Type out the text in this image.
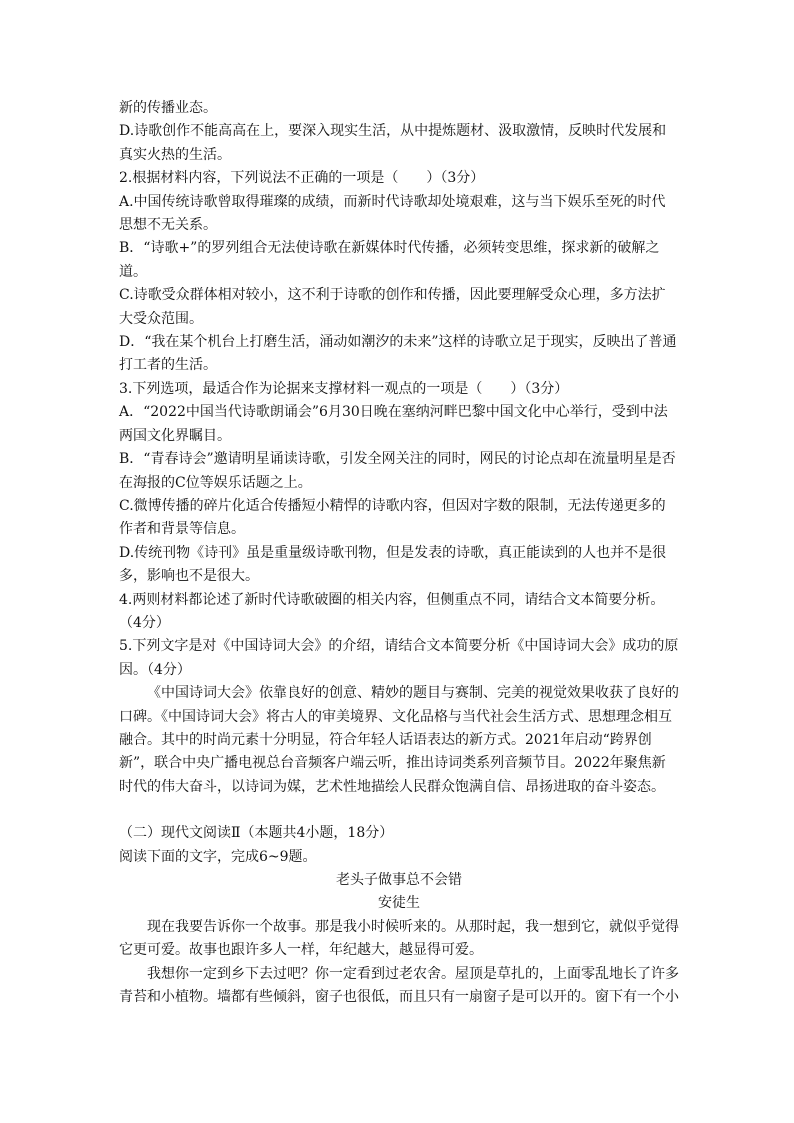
新的传播业态。

D.诗歌创作不能高高在上，要深入现实生活，从中提炼题材、汲取激情，反映时代发展和真实火热的生活。

2.根据材料内容，下列说法不正确的一项是（　　）（3分）

A.中国传统诗歌曾取得璀璨的成绩，而新时代诗歌却处境艰难，这与当下娱乐至死的时代思想不无关系。

B．“诗歌+”的罗列组合无法使诗歌在新媒体时代传播，必须转变思维，探求新的破解之道。

C.诗歌受众群体相对较小，这不利于诗歌的创作和传播，因此要理解受众心理，多方法扩大受众范围。

D．“我在某个机台上打磨生活，涌动如潮汐的未来”这样的诗歌立足于现实，反映出了普通打工者的生活。

3.下列选项，最适合作为论据来支撑材料一观点的一项是（　　）（3分）

A．“2022中国当代诗歌朗诵会”6月30日晚在塞纳河畔巴黎中国文化中心举行，受到中法两国文化界瞩目。

B．“青春诗会”邀请明星诵读诗歌，引发全网关注的同时，网民的讨论点却在流量明星是否在海报的C位等娱乐话题之上。

C.微博传播的碎片化适合传播短小精悍的诗歌内容，但因对字数的限制，无法传递更多的作者和背景等信息。

D.传统刊物《诗刊》虽是重量级诗歌刊物，但是发表的诗歌，真正能读到的人也并不是很多，影响也不是很大。

4.两则材料都论述了新时代诗歌破圈的相关内容，但侧重点不同，请结合文本简要分析。（4分）

5.下列文字是对《中国诗词大会》的介绍，请结合文本简要分析《中国诗词大会》成功的原因。（4分）

《中国诗词大会》依靠良好的创意、精妙的题目与赛制、完美的视觉效果收获了良好的口碑。《中国诗词大会》将古人的审美境界、文化品格与当代社会生活方式、思想理念相互融合。其中的时尚元素十分明显，符合年轻人话语表达的新方式。2021年启动“跨界创新”，联合中央广播电视总台音频客户端云听，推出诗词类系列音频节目。2022年聚焦新时代的伟大奋斗，以诗词为媒，艺术性地描绘人民群众饱满自信、昂扬进取的奋斗姿态。

（二）现代文阅读Ⅱ（本题共4小题，18分）

阅读下面的文字，完成6~9题。

老头子做事总不会错

安徒生

现在我要告诉你一个故事。那是我小时候听来的。从那时起，我一想到它，就似乎觉得它更可爱。故事也跟许多人一样，年纪越大，越显得可爱。

我想你一定到乡下去过吧？你一定看到过老农舍。屋顶是草扎的，上面零乱地长了许多青苔和小植物。墙都有些倾斜，窗子也很低，而且只有一扇窗子是可以开的。窗下有一个小
